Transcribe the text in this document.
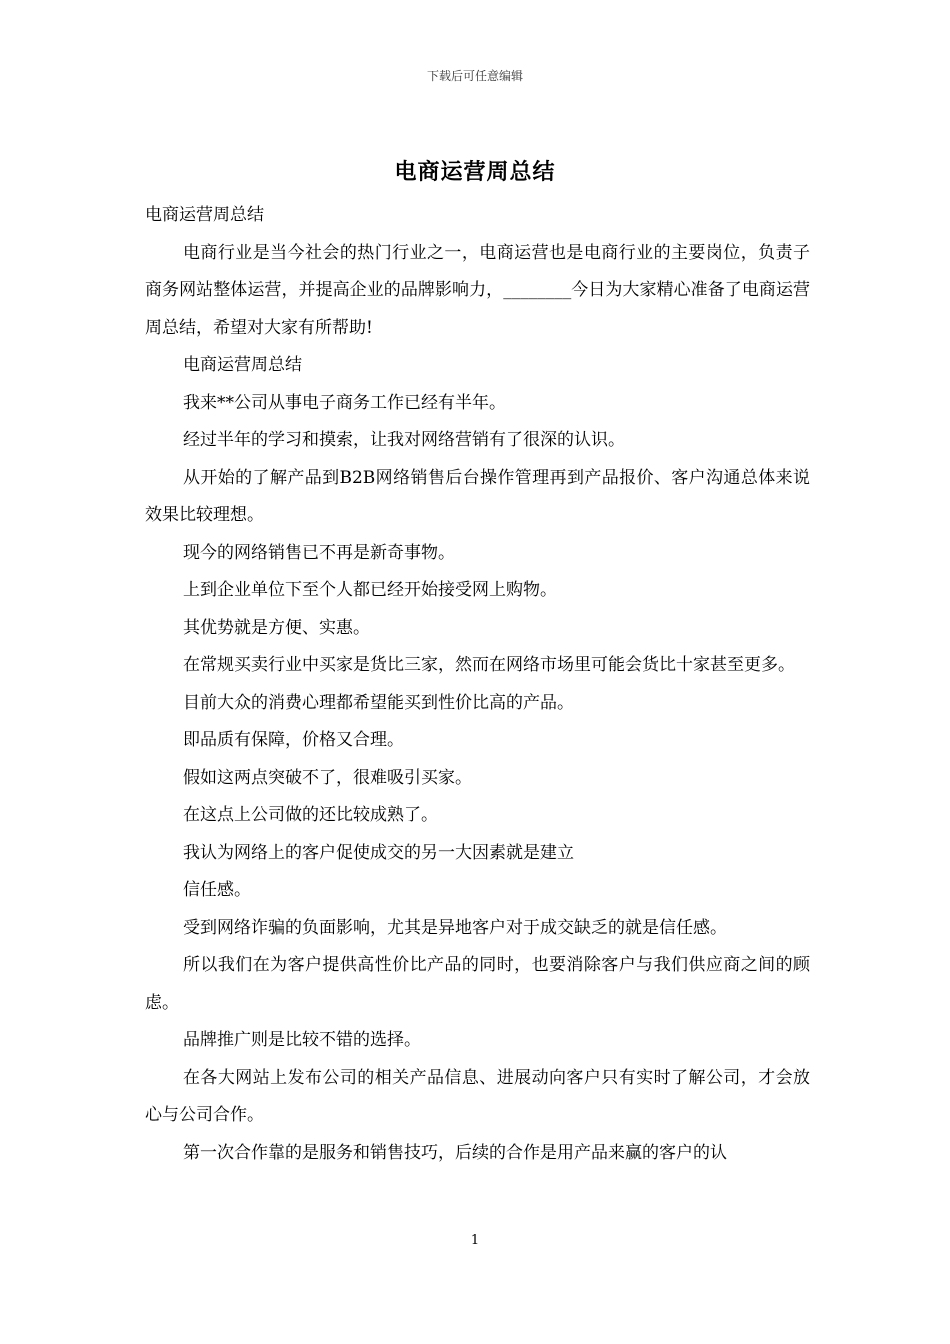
下载后可任意编辑
电商运营周总结

电商运营周总结

电商行业是当今社会的热门行业之一，电商运营也是电商行业的主要岗位，负责子商务网站整体运营，并提高企业的品牌影响力，________今日为大家精心准备了电商运营周总结，希望对大家有所帮助!

电商运营周总结

我来**公司从事电子商务工作已经有半年。

经过半年的学习和摸索，让我对网络营销有了很深的认识。

从开始的了解产品到B2B网络销售后台操作管理再到产品报价、客户沟通总体来说效果比较理想。

现今的网络销售已不再是新奇事物。

上到企业单位下至个人都已经开始接受网上购物。

其优势就是方便、实惠。

在常规买卖行业中买家是货比三家，然而在网络市场里可能会货比十家甚至更多。

目前大众的消费心理都希望能买到性价比高的产品。

即品质有保障，价格又合理。

假如这两点突破不了，很难吸引买家。

在这点上公司做的还比较成熟了。

我认为网络上的客户促使成交的另一大因素就是建立

信任感。

受到网络诈骗的负面影响，尤其是异地客户对于成交缺乏的就是信任感。

所以我们在为客户提供高性价比产品的同时，也要消除客户与我们供应商之间的顾虑。

品牌推广则是比较不错的选择。

在各大网站上发布公司的相关产品信息、进展动向客户只有实时了解公司，才会放心与公司合作。

第一次合作靠的是服务和销售技巧，后续的合作是用产品来赢的客户的认

1
